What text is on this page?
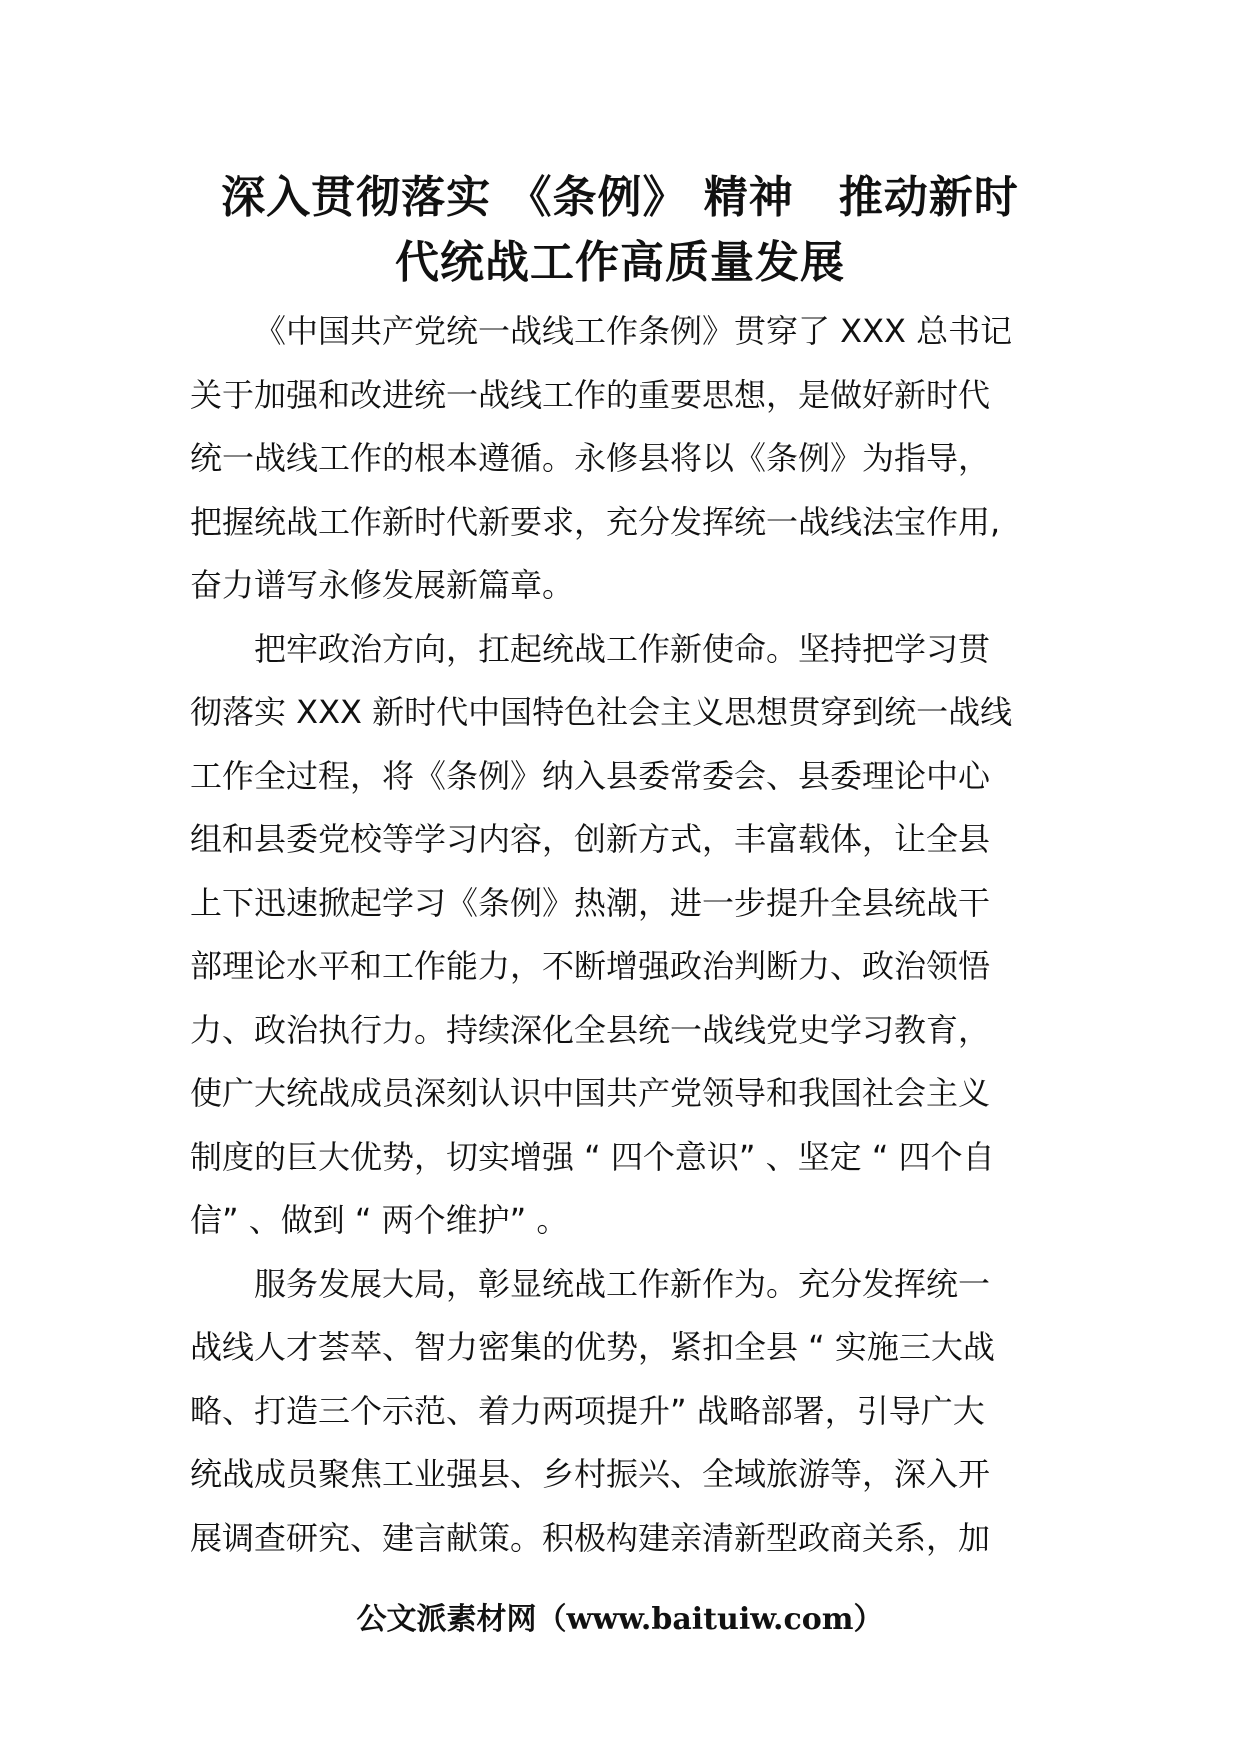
深入贯彻落实 《条例》 精神　推动新时
代统战工作高质量发展
《中国共产党统一战线工作条例》贯穿了 XXX 总书记
关于加强和改进统一战线工作的重要思想，是做好新时代
统一战线工作的根本遵循。永修县将以《条例》为指导，
把握统战工作新时代新要求，充分发挥统一战线法宝作用,
奋力谱写永修发展新篇章。
把牢政治方向，扛起统战工作新使命。坚持把学习贯
彻落实 XXX 新时代中国特色社会主义思想贯穿到统一战线
工作全过程，将《条例》纳入县委常委会、县委理论中心
组和县委党校等学习内容，创新方式，丰富载体，让全县
上下迅速掀起学习《条例》热潮，进一步提升全县统战干
部理论水平和工作能力，不断增强政治判断力、政治领悟
力、政治执行力。持续深化全县统一战线党史学习教育，
使广大统战成员深刻认识中国共产党领导和我国社会主义
制度的巨大优势，切实增强 “ 四个意识” 、坚定 “ 四个自
信” 、做到 “ 两个维护” 。
服务发展大局，彰显统战工作新作为。充分发挥统一
战线人才荟萃、智力密集的优势，紧扣全县 “ 实施三大战
略、打造三个示范、着力两项提升” 战略部署，引导广大
统战成员聚焦工业强县、乡村振兴、全域旅游等，深入开
展调查研究、建言献策。积极构建亲清新型政商关系，加
公文派素材网（www.baituiw.com）
